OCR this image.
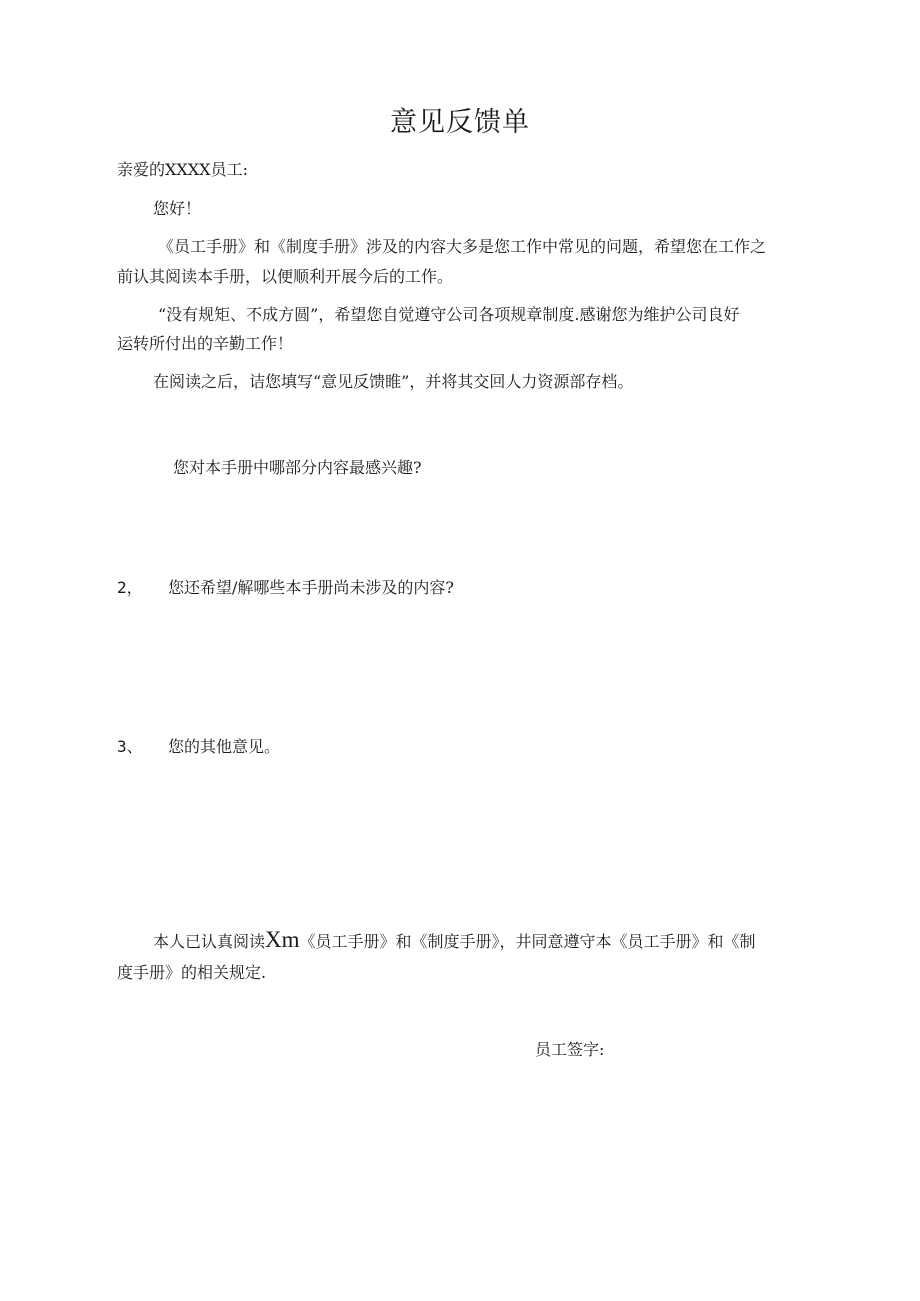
意见反馈单
亲爱的XXXX员工:
您好！
《员工手册》和《制度手册》涉及的内容大多是您工作中常见的问题，希望您在工作之
前认其阅读本手册，以便顺利开展今后的工作。
“没有规矩、不成方圆”，希望您自觉遵守公司各项规章制度.感谢您为维护公司良好
运转所付出的辛勤工作！
在阅读之后，诘您填写“意见反馈睢”，并将其交回人力资源部存档。
您对本手册中哪部分内容最感兴趣?
2， 您还希望/解哪些本手册尚未涉及的内容?
3、 您的其他意见。
本人已认真阅读Xm《员工手册》和《制度手册》，井同意遵守本《员工手册》和《制
度手册》的相关规定.
员工签字:
